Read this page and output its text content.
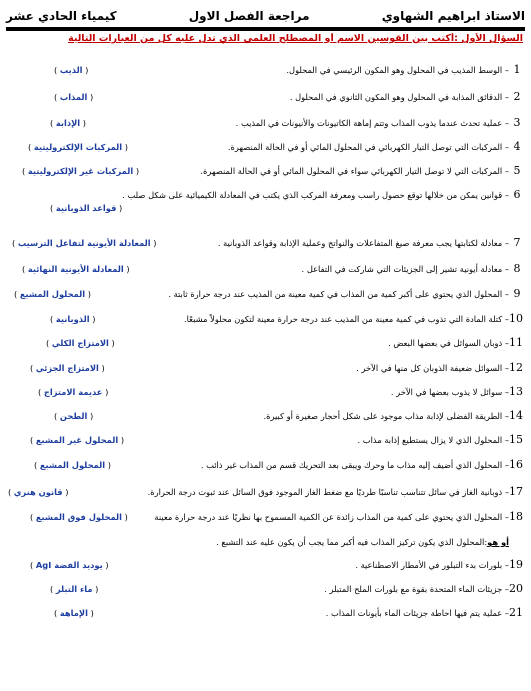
الاستاذ ابراهيم الشهاوي
مراجعة الفصل الاول
كيمياء الحادي عشر
السؤال الأول :أكتب بين القوسين الاسم أو المصطلح العلمي الذي تدل عليه كل من العبارات التالية
1
– الوسط المذيب في المحلول وهو المكون الرئيسي في المحلول.
( الذيب )
2
– الدقائق المذابة في المحلول وهو المكون الثانوي في المحلول .
( المذاب )
3
– عملية تحدث عندما يذوب المذاب وتتم إماهة الكاتيونات والأنيونات في المذيب .
( الإذابة )
4
– المركبات التي توصل التيار الكهربائي في المحلول المائي أو في الحالة المنصهرة.
( المركبات الإلكتروليتية )
5
– المركبات التي لا توصل التيار الكهربائي سواء في المحلول المائي أو في الحالة المنصهرة.
( المركبات غير الإلكتروليتية )
6
– قوانين يمكن من خلالها توقع حصول راسب ومعرفة المركب الذي يكتب في المعادلة الكيميائية على شكل صلب .
( قواعد الذوبانية )
7
– معادلة لكتابتها يجب معرفة صيغ المتفاعلات والنواتج وعملية الإذابة وقواعد الذوبانية .
( المعادلة الأيونية لتفاعل الترسيب )
8
– معادلة أيونية تشير إلى الجزيئات التي شاركت في التفاعل .
( المعادلة الأيونية النهائية )
9
– المحلول الذي يحتوي على أكبر كمية من المذاب في كمية معينة من المذيب عند درجة حرارة ثابتة .
( المحلول المشبع )
10
– كتلة المادة التي تذوب في كمية معينة من المذيب عند درجة حرارة معينة لتكون محلولاً مشبعًا.
( الذوبانية )
11
– ذوبان السوائل في بعضها البعض .
( الامتزاج الكلي )
12
– السوائل ضعيفة الذوبان كل منها في الآخر .
( الامتزاج الجزئي )
13
– سوائل لا يذوب بعضها في الآخر .
( عديمة الامتزاج )
14
– الطريقة الفضلى لإذابة مذاب موجود على شكل أحجار صغيرة أو كبيرة.
( الطحن )
15
– المحلول الذي لا يزال يستطيع إذابة مذاب .
( المحلول غير المشبع )
16
– المحلول الذي أضيف إليه مذاب ما وحرك ويبقى بعد التحريك قسم من المذاب غير ذائب .
( المحلول المشبع )
17
– ذوبانية الغاز في سائل تتناسب تناسبًا طرديًا مع ضغط الغاز الموجود فوق السائل عند ثبوت درجة الحرارة.
( قانون هنري )
18
– المحلول الذي يحتوي على كمية من المذاب زائدة عن الكمية المسموح بها نظريًا عند درجة حرارة معينة
( المحلول فوق المشبع )
19
– بلورات بدء التبلور في الأمطار الاصطناعية .
( يوديد الفضة AgI )
20
– جزيئات الماء المتحدة بقوة مع بلورات الملح المتبلر .
( ماء التبلر )
21
– عملية يتم فيها احاطة جزيئات الماء بأيونات المذاب .
( الإماهة )
أو هو:المحلول الذي يكون تركيز المذاب فيه أكبر مما يجب أن يكون عليه عند التشبع .
